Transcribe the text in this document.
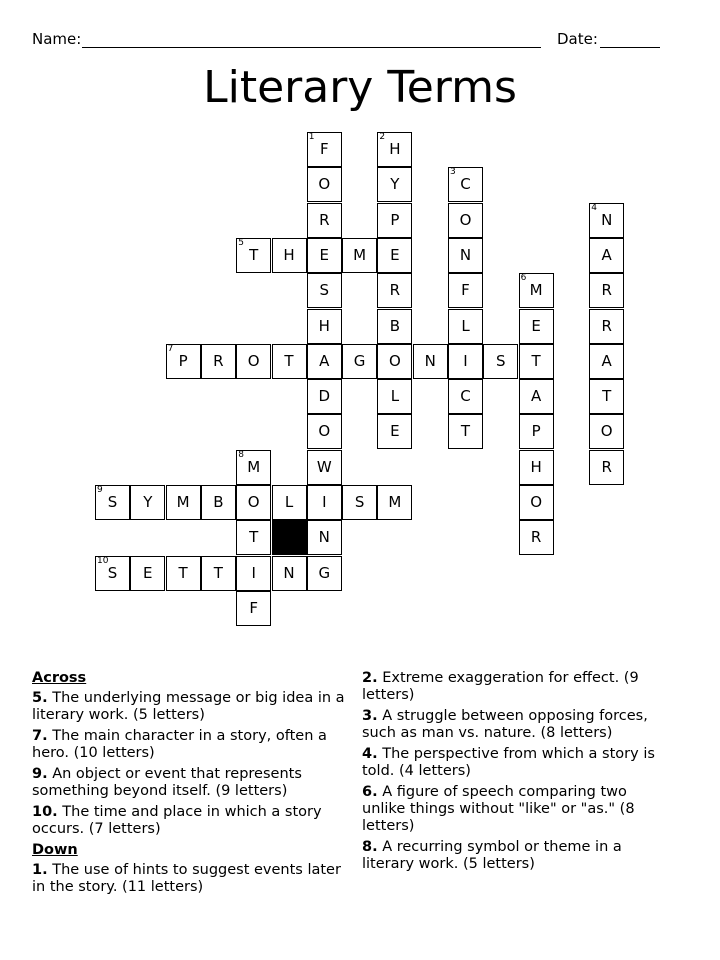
Name:	Date:
Literary Terms
1
F
2
H
O	Y
3
C
R	P	O
4
N
5
T	H	E	M	E	N	A
S	R	F
6
M	R
H	B	L	E	R
7
P	R	O	T	A	G	O	N	I	S	T	A
D	L	C	A	T
O	E	T	P	O
8
M	W	H	R
9
S	Y	M	B	O	L	I	S	M	O
T	N	R
10
S	E	T	T	I	N	G
F
Across
5. The underlying message or big idea in a literary work. (5 letters)
7. The main character in a story, often a hero. (10 letters)
9. An object or event that represents something beyond itself. (9 letters)
10. The time and place in which a story occurs. (7 letters)
Down
1. The use of hints to suggest events later in the story. (11 letters)
2. Extreme exaggeration for effect. (9 letters)
3. A struggle between opposing forces, such as man vs. nature. (8 letters)
4. The perspective from which a story is told. (4 letters)
6. A figure of speech comparing two unlike things without "like" or "as." (8 letters)
8. A recurring symbol or theme in a literary work. (5 letters)
